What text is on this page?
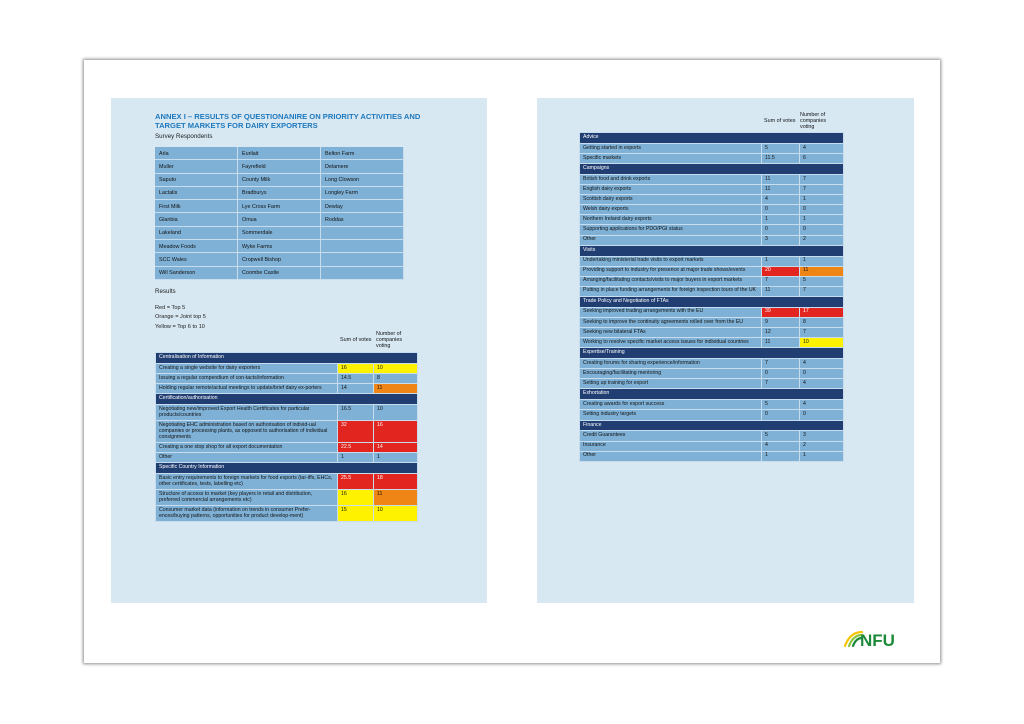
ANNEX I – RESULTS OF QUESTIONANIRE ON PRIORITY ACTIVITIES AND TARGET MARKETS FOR DAIRY EXPORTERS
Survey Respondents
Arla	Eurilait	Belton Farm
Muller	Fayrefield	Delamere
Saputo	County Milk	Long Clowson
Lactalis	Bradburys	Longley Farm
First Milk	Lye Cross Farm	Dewlay
Glanbia	Omua	Roddas
Lakeland	Sommerdale
Meadow Foods	Wyke Farms
SCC Wales	Cropwell Bishop
Will Sanderson	Coombe Castle
Results
Red = Top 5
Orange = Joint top 5
Yellow = Top 6 to 10
Sum of votes
Number of companies voting
Centralisation of Information		
Creating a single website for dairy exporters	16	10
Issuing a regular compendium of con-tacts/information	14.5	8
Holding regular remote/actual meetings to update/brief dairy ex-porters	14	11
Certification/authorisation		
Negotiating new/improved Export Health Certificates for particular products/countries	16.5	10
Negotiating EHC administration based on authorisation of individ-ual companies or processing plants, as opposed to authorisation of individual consignments	32	16
Creating a one stop shop for all export documentation	22.5	14
Other	1	1
Specific Country Information		
Basic entry requirements to foreign markets for food exports (tar-iffs, EHCs, other certificates, tests, labelling etc)	25.5	18
Structure of access to market (key players in retail and distribution, preferred commercial arrangements etc)	16	11
Consumer market data (information on trends in consumer Prefer-ences/buying patterns, opportunities for product develop-ment)	15	10
Sum of votes
Number of companies voting
Advice		
Getting started in exports	5	4
Specific markets	11.5	6
Campaigns		
British food and drink exports	11	7
English dairy exports	11	7
Scottish dairy exports	4	1
Welsh dairy exports	0	0
Northern Ireland dairy exports	1	1
Supporting applications for PDO/PGI status	0	0
Other	3	2
Visits		
Undertaking ministerial trade visits to export markets	1	1
Providing support to industry for presence at major trade shows/events	20	11
Arranging/facilitating contacts/visits to major buyers in export markets	7	5
Putting in place funding arrangements for foreign inspection tours of the UK	11	7
Trade Policy and Negotiation of FTAs		
Seeking improved trading arrangements with the EU	39	17
Seeking to improve the continuity agreements rolled over from the EU	9	8
Seeking new bilateral FTAs	12	7
Working to resolve specific market access issues for individual countries	11	10
Expertise/Training		
Creating forums for sharing experience/information	7	4
Encouraging/facilitating mentoring	0	0
Setting up training for export	7	4
Exhortation		
Creating awards for export success	5	4
Setting industry targets	0	0
Finance		
Credit Guarantees	5	3
Insurance	4	2
Other	1	1
NFU
